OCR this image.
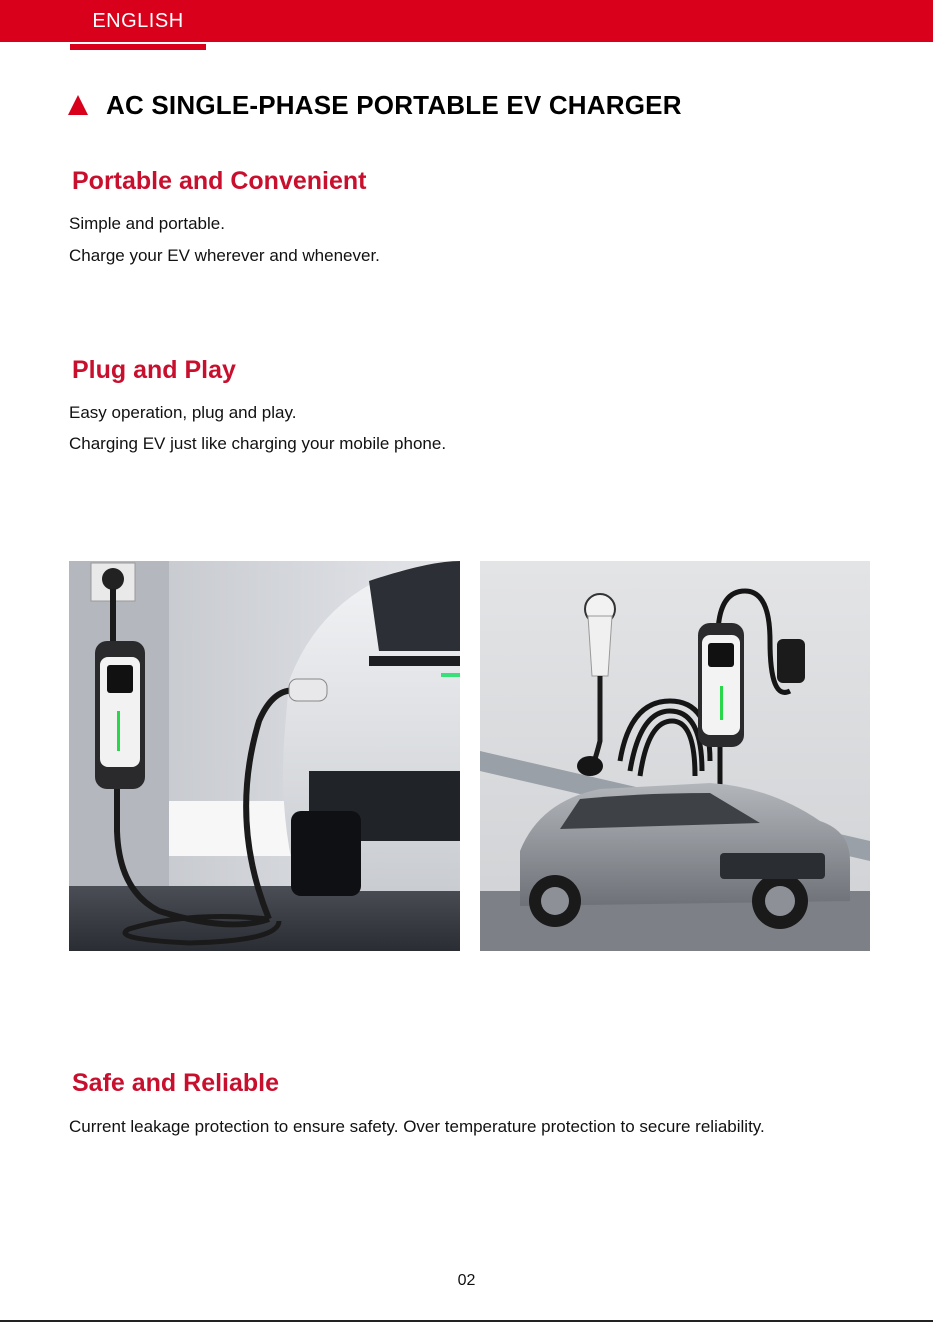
ENGLISH
AC SINGLE-PHASE PORTABLE EV CHARGER
Portable and Convenient
Simple and portable.
Charge your EV wherever and whenever.
Plug and Play
Easy operation, plug and play.
Charging EV just like charging your mobile phone.
Safe and Reliable
Current leakage protection to ensure safety. Over temperature protection to secure reliability.
02
